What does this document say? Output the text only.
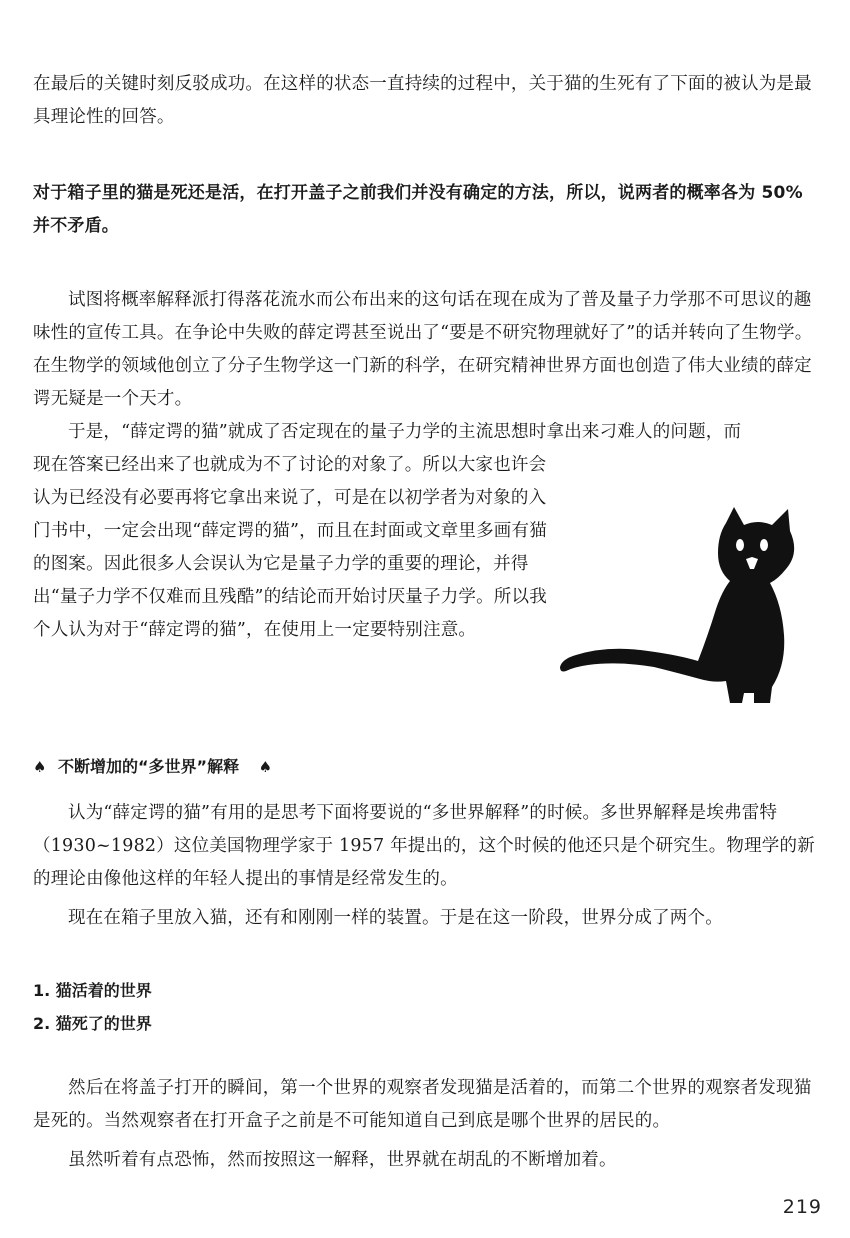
在最后的关键时刻反驳成功。在这样的状态一直持续的过程中，关于猫的生死有了下面的被认为是最具理论性的回答。

对于箱子里的猫是死还是活，在打开盖子之前我们并没有确定的方法，所以，说两者的概率各为 50% 并不矛盾。

试图将概率解释派打得落花流水而公布出来的这句话在现在成为了普及量子力学那不可思议的趣味性的宣传工具。在争论中失败的薛定谔甚至说出了“要是不研究物理就好了”的话并转向了生物学。在生物学的领域他创立了分子生物学这一门新的科学，在研究精神世界方面也创造了伟大业绩的薛定谔无疑是一个天才。

于是，“薛定谔的猫”就成了否定现在的量子力学的主流思想时拿出来刁难人的问题，而

现在答案已经出来了也就成为不了讨论的对象了。所以大家也许会认为已经没有必要再将它拿出来说了，可是在以初学者为对象的入门书中，一定会出现“薛定谔的猫”，而且在封面或文章里多画有猫的图案。因此很多人会误认为它是量子力学的重要的理论，并得出“量子力学不仅难而且残酷”的结论而开始讨厌量子力学。所以我个人认为对于“薛定谔的猫”，在使用上一定要特别注意。

♠ 不断增加的“多世界”解释 ♠

认为“薛定谔的猫”有用的是思考下面将要说的“多世界解释”的时候。多世界解释是埃弗雷特（1930~1982）这位美国物理学家于 1957 年提出的，这个时候的他还只是个研究生。物理学的新的理论由像他这样的年轻人提出的事情是经常发生的。

现在在箱子里放入猫，还有和刚刚一样的装置。于是在这一阶段，世界分成了两个。

1. 猫活着的世界
2. 猫死了的世界

然后在将盖子打开的瞬间，第一个世界的观察者发现猫是活着的，而第二个世界的观察者发现猫是死的。当然观察者在打开盒子之前是不可能知道自己到底是哪个世界的居民的。

虽然听着有点恐怖，然而按照这一解释，世界就在胡乱的不断增加着。

219
